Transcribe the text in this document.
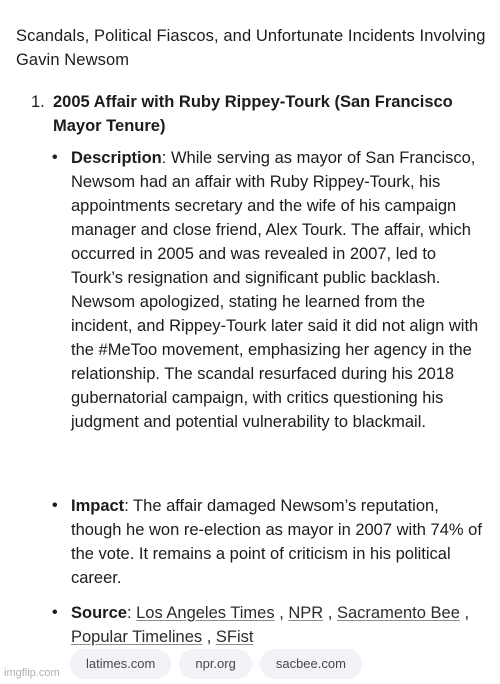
Scandals, Political Fiascos, and Unfortunate Incidents Involving Gavin Newsom
1. 2005 Affair with Ruby Rippey-Tourk (San Francisco Mayor Tenure)
• Description: While serving as mayor of San Francisco, Newsom had an affair with Ruby Rippey-Tourk, his appointments secretary and the wife of his campaign manager and close friend, Alex Tourk. The affair, which occurred in 2005 and was revealed in 2007, led to Tourk’s resignation and significant public backlash. Newsom apologized, stating he learned from the incident, and Rippey-Tourk later said it did not align with the #MeToo movement, emphasizing her agency in the relationship. The scandal resurfaced during his 2018 gubernatorial campaign, with critics questioning his judgment and potential vulnerability to blackmail.

• Impact: The affair damaged Newsom’s reputation, though he won re-election as mayor in 2007 with 74% of the vote. It remains a point of criticism in his political career.

• Source: Los Angeles Times , NPR , Sacramento Bee , Popular Timelines , SFist

latimes.com	npr.org	sacbee.com
imgflip.com
